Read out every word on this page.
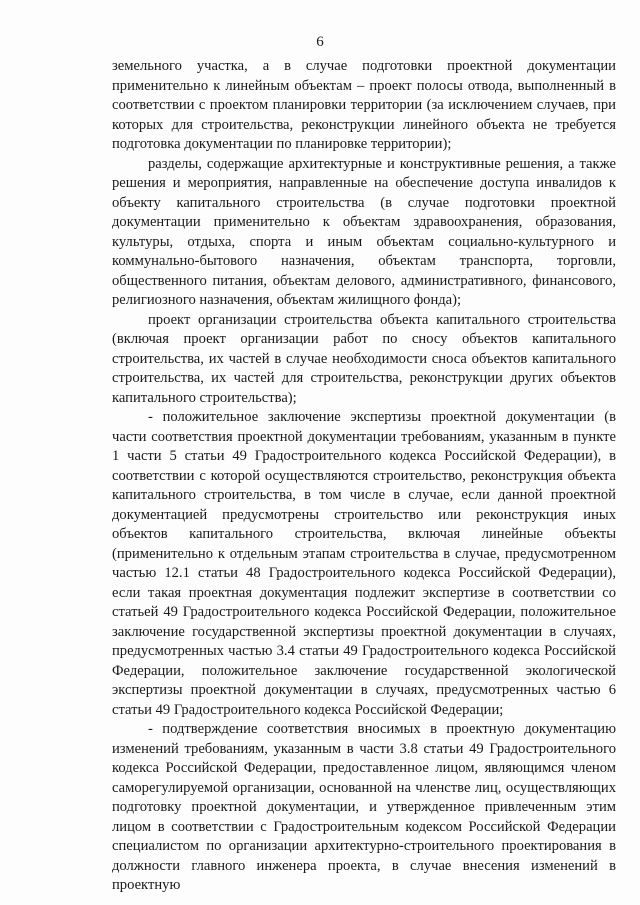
6

земельного участка, а в случае подготовки проектной документации применительно к линейным объектам – проект полосы отвода, выполненный в соответствии с проектом планировки территории (за исключением случаев, при которых для строительства, реконструкции линейного объекта не требуется подготовка документации по планировке территории);

разделы, содержащие архитектурные и конструктивные решения, а также решения и мероприятия, направленные на обеспечение доступа инвалидов к объекту капитального строительства (в случае подготовки проектной документации применительно к объектам здравоохранения, образования, культуры, отдыха, спорта и иным объектам социально-культурного и коммунально-бытового назначения, объектам транспорта, торговли, общественного питания, объектам делового, административного, финансового, религиозного назначения, объектам жилищного фонда);

проект организации строительства объекта капитального строительства (включая проект организации работ по сносу объектов капитального строительства, их частей в случае необходимости сноса объектов капитального строительства, их частей для строительства, реконструкции других объектов капитального строительства);

- положительное заключение экспертизы проектной документации (в части соответствия проектной документации требованиям, указанным в пункте 1 части 5 статьи 49 Градостроительного кодекса Российской Федерации), в соответствии с которой осуществляются строительство, реконструкция объекта капитального строительства, в том числе в случае, если данной проектной документацией предусмотрены строительство или реконструкция иных объектов капитального строительства, включая линейные объекты (применительно к отдельным этапам строительства в случае, предусмотренном частью 12.1 статьи 48 Градостроительного кодекса Российской Федерации), если такая проектная документация подлежит экспертизе в соответствии со статьей 49 Градостроительного кодекса Российской Федерации, положительное заключение государственной экспертизы проектной документации в случаях, предусмотренных частью 3.4 статьи 49 Градостроительного кодекса Российской Федерации, положительное заключение государственной экологической экспертизы проектной документации в случаях, предусмотренных частью 6 статьи 49 Градостроительного кодекса Российской Федерации;

- подтверждение соответствия вносимых в проектную документацию изменений требованиям, указанным в части 3.8 статьи 49 Градостроительного кодекса Российской Федерации, предоставленное лицом, являющимся членом саморегулируемой организации, основанной на членстве лиц, осуществляющих подготовку проектной документации, и утвержденное привлеченным этим лицом в соответствии с Градостроительным кодексом Российской Федерации специалистом по организации архитектурно-строительного проектирования в должности главного инженера проекта, в случае внесения изменений в проектную
